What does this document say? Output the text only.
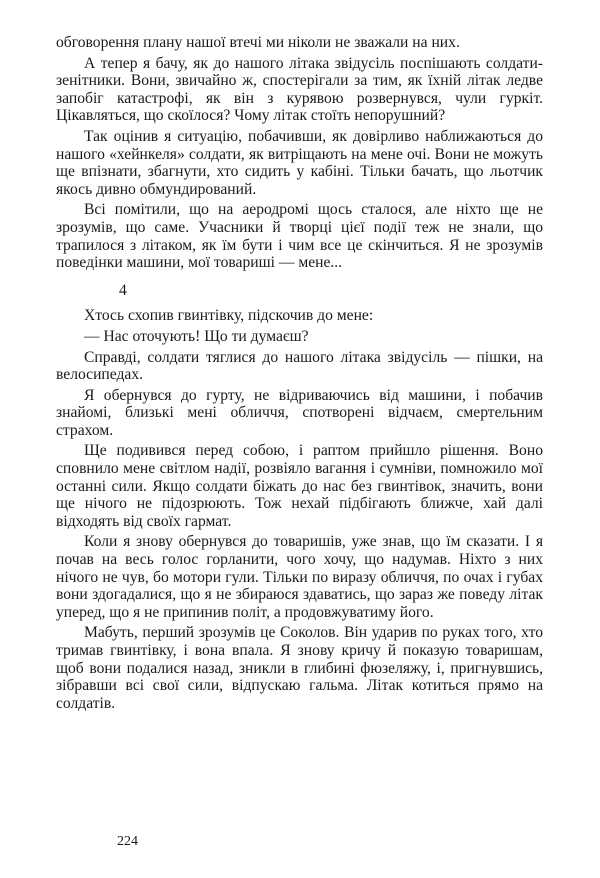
обговорення плану нашої втечі ми ніколи не зважали на них.

А тепер я бачу, як до нашого літака звідусіль поспішають солдати-зенітники. Вони, звичайно ж, спостерігали за тим, як їхній літак ледве запобіг катастрофі, як він з курявою розвернувся, чули гуркіт. Цікавляться, що скоїлося? Чому літак стоїть непорушний?

Так оцінив я ситуацію, побачивши, як довірливо наближаються до нашого «хейнкеля» солдати, як витріщають на мене очі. Вони не можуть ще впізнати, збагнути, хто сидить у кабіні. Тільки бачать, що льотчик якось дивно обмундирований.

Всі помітили, що на аеродромі щось сталося, але ніхто ще не зрозумів, що саме. Учасники й творці цієї події теж не знали, що трапилося з літаком, як їм бути і чим все це скінчиться. Я не зрозумів поведінки машини, мої товариші — мене...

4

Хтось схопив гвинтівку, підскочив до мене:

— Нас оточують! Що ти думаєш?

Справді, солдати тяглися до нашого літака звідусіль — пішки, на велосипедах.

Я обернувся до гурту, не відриваючись від машини, і побачив знайомі, близькі мені обличчя, спотворені відчаєм, смертельним страхом.

Ще подивився перед собою, і раптом прийшло рішення. Воно сповнило мене світлом надії, розвіяло вагання і сумніви, помножило мої останні сили. Якщо солдати біжать до нас без гвинтівок, значить, вони ще нічого не підозрюють. Тож нехай підбігають ближче, хай далі відходять від своїх гармат.

Коли я знову обернувся до товаришів, уже знав, що їм сказати. І я почав на весь голос горланити, чого хочу, що надумав. Ніхто з них нічого не чув, бо мотори гули. Тільки по виразу обличчя, по очах і губах вони здогадалися, що я не збираюся здаватись, що зараз же поведу літак уперед, що я не припинив політ, а продовжуватиму його.

Мабуть, перший зрозумів це Соколов. Він ударив по руках того, хто тримав гвинтівку, і вона впала. Я знову кричу й показую товаришам, щоб вони подалися назад, зникли в глибині фюзеляжу, і, пригнувшись, зібравши всі свої сили, відпускаю гальма. Літак котиться прямо на солдатів.

224
